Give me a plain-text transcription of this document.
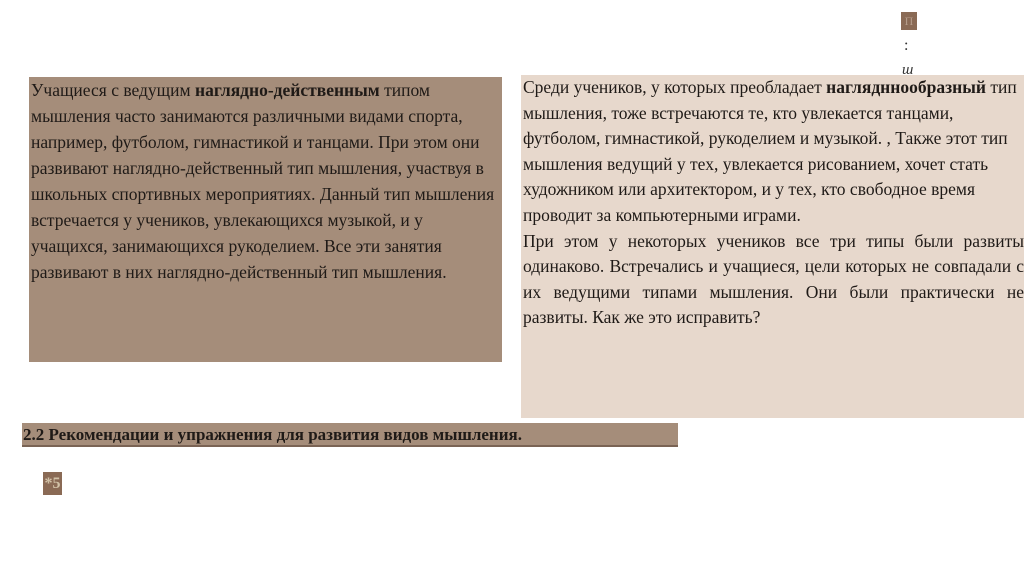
П
:
ш
Учащиеся с ведущим наглядно-действенным типом мышления часто занимаются различными видами спорта, например, футболом, гимнастикой и танцами. При этом они развивают наглядно-действенный тип мышления, участвуя в школьных спортивных мероприятиях. Данный тип мышления встречается у учеников, увлекающихся музыкой, и у учащихся, занимающихся рукоделием. Все эти занятия развивают в них наглядно-действенный тип мышления.

Среди учеников, у которых преобладает наглядннообразный тип мышления, тоже встречаются те, кто увлекается танцами, футболом, гимнастикой, рукоделием и музыкой. , Также этот тип мышления ведущий у тех, увлекается рисованием, хочет стать художником или архитектором, и у тех, кто свободное время проводит за компьютерными играми.

При этом у некоторых учеников все три типы были развиты одинаково. Встречались и учащиеся, цели которых не совпадали с их ведущими типами мышления. Они были практически не развиты. Как же это исправить?

2.2 Рекомендации и упражнения для развития видов мышления.
*5
